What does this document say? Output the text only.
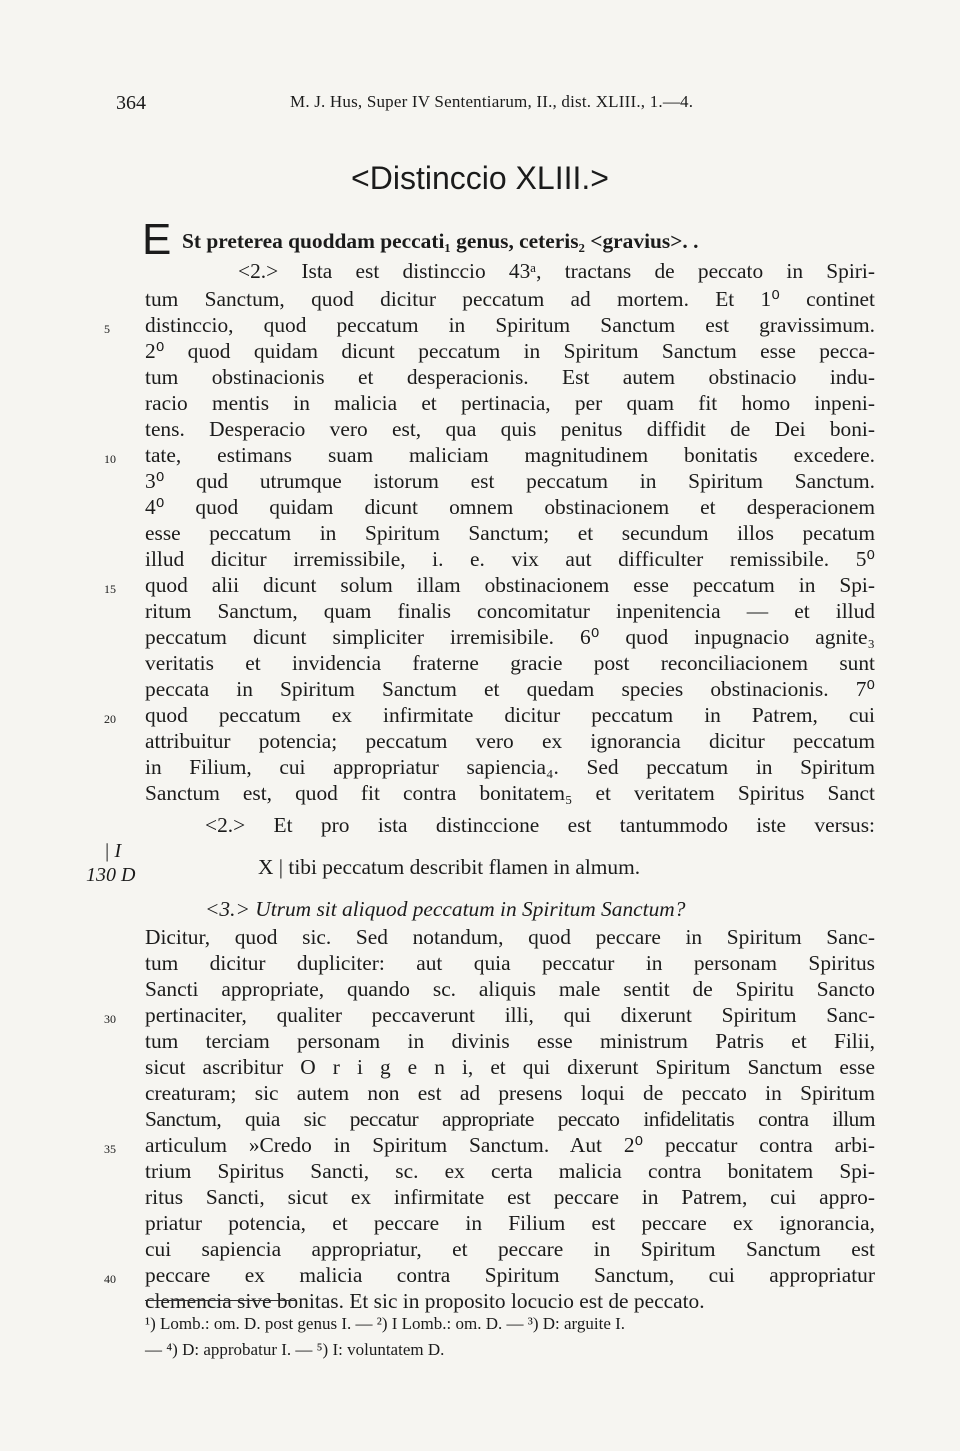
364	M. J. Hus, Super IV Sententiarum, II., dist. XLIII., 1.—4.
<Distinccio XLIII.>
E St preterea quoddam peccati₁ genus, ceteris₂ <gravius>. .
<2.> Ista est distinccio 43ᵃ, tractans de peccato in Spiri-
tum Sanctum, quod dicitur peccatum ad mortem. Et 1⁰ continet
distinccio, quod peccatum in Spiritum Sanctum est gravissimum.
2⁰ quod quidam dicunt peccatum in Spiritum Sanctum esse pecca-
tum obstinacionis et desperacionis. Est autem obstinacio indu-
racio mentis in malicia et pertinacia, per quam fit homo inpeni-
tens. Desperacio vero est, qua quis penitus diffidit de Dei boni-
tate, estimans suam maliciam magnitudinem bonitatis excedere.
3⁰ qud utrumque istorum est peccatum in Spiritum Sanctum.
4⁰ quod quidam dicunt omnem obstinacionem et desperacionem
esse peccatum in Spiritum Sanctum; et secundum illos pecatum
illud dicitur irremissibile, i. e. vix aut difficulter remissibile. 5⁰
quod alii dicunt solum illam obstinacionem esse peccatum in Spi-
ritum Sanctum, quam finalis concomitatur inpenitencia — et illud
peccatum dicunt simpliciter irremisibile. 6⁰ quod inpugnacio agnite₃
veritatis et invidencia fraterne gracie post reconciliacionem sunt
peccata in Spiritum Sanctum et quedam species obstinacionis. 7⁰
quod peccatum ex infirmitate dicitur peccatum in Patrem, cui
attribuitur potencia; peccatum vero ex ignorancia dicitur peccatum
in Filium, cui appropriatur sapiencia₄. Sed peccatum in Spiritum
Sanctum est, quod fit contra bonitatem₅ et veritatem Spiritus Sanct
<2.> Et pro ista distinccione est tantummodo iste versus:
X | tibi peccatum describit flamen in almum.
<3.> Utrum sit aliquod peccatum in Spiritum Sanctum?
Dicitur, quod sic. Sed notandum, quod peccare in Spiritum Sanc-
tum dicitur dupliciter: aut quia peccatur in personam Spiritus
Sancti appropriate, quando sc. aliquis male sentit de Spiritu Sancto
pertinaciter, qualiter peccaverunt illi, qui dixerunt Spiritum Sanc-
tum terciam personam in divinis esse ministrum Patris et Filii,
sicut ascribitur O r i g e n i, et qui dixerunt Spiritum Sanctum esse
creaturam; sic autem non est ad presens loqui de peccato in Spiritum
Sanctum, quia sic peccatur appropriate peccato infidelitatis contra illum
articulum »Credo in Spiritum Sanctum. Aut 2⁰ peccatur contra arbi-
trium Spiritus Sancti, sc. ex certa malicia contra bonitatem Spi-
ritus Sancti, sicut ex infirmitate est peccare in Patrem, cui appro-
priatur potencia, et peccare in Filium est peccare ex ignorancia,
cui sapiencia appropriatur, et peccare in Spiritum Sanctum est
peccare ex malicia contra Spiritum Sanctum, cui appropriatur
clemencia sive bonitas. Et sic in proposito locucio est de peccato.
5
10
15
20
30
35
40
| I
130 D
¹) Lomb.: om. D. post genus I. — ²) I Lomb.: om. D. — ³) D: arguite I.
— ⁴) D: approbatur I. — ⁵) I: voluntatem D.
